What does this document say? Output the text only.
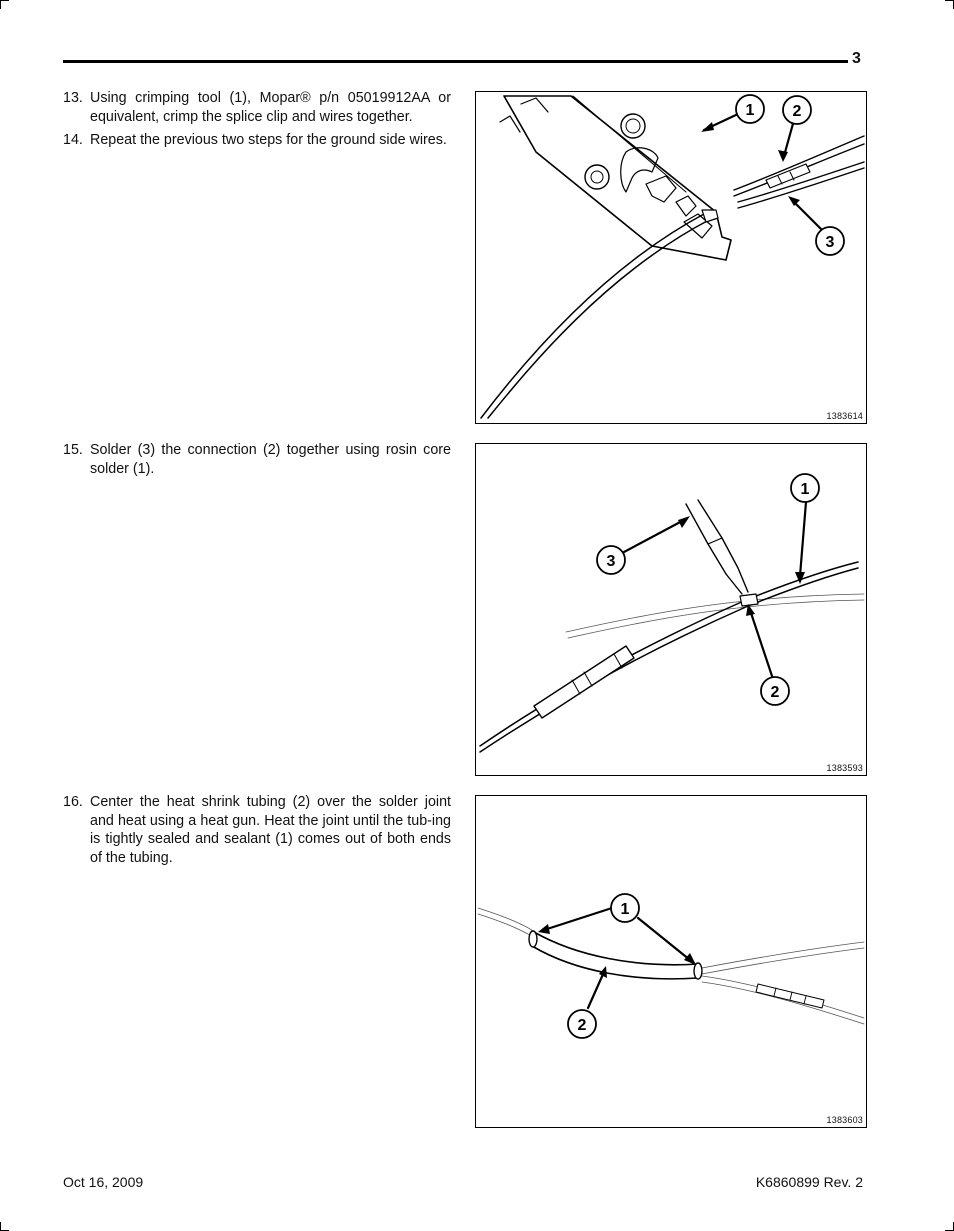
3
13. Using crimping tool (1), Mopar® p/n 05019912AA or equivalent, crimp the splice clip and wires together.
14. Repeat the previous two steps for the ground side wires.
15. Solder (3) the connection (2) together using rosin core solder (1).
16. Center the heat shrink tubing (2) over the solder joint and heat using a heat gun. Heat the joint until the tub-ing is tightly sealed and sealant (1) comes out of both ends of the tubing.
1 2
3
1383614
1
3
2
1383593
1
2
1383603
Oct 16, 2009	K6860899 Rev. 2
